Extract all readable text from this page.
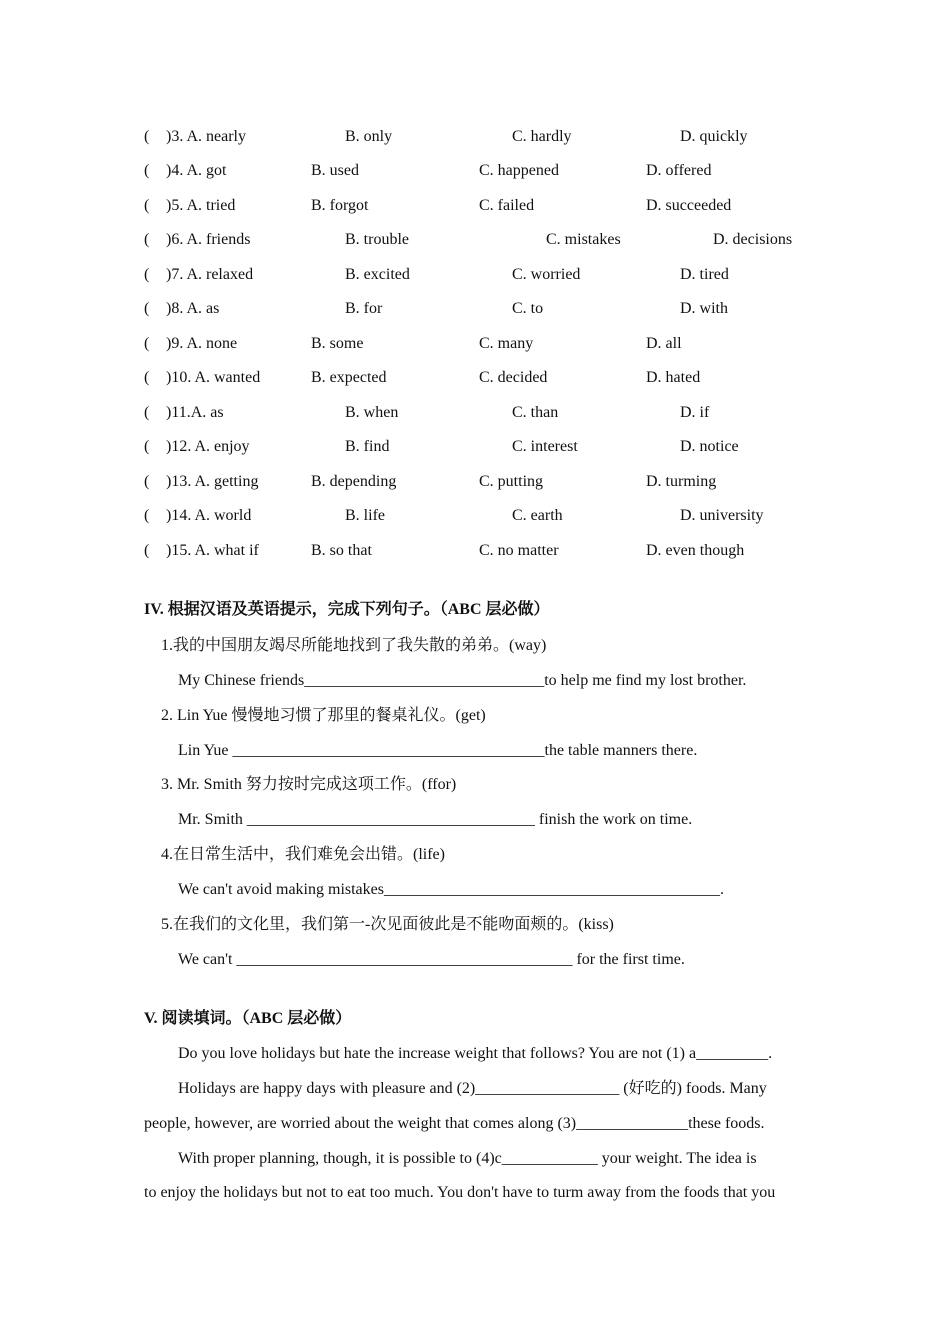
( )3. A. nearly	B. only	C. hardly	D. quickly
( )4. A. got	B. used	C. happened	D. offered
( )5. A. tried	B. forgot	C. failed	D. succeeded
( )6. A. friends	B. trouble	C. mistakes	D. decisions
( )7. A. relaxed	B. excited	C. worried	D. tired
( )8. A. as	B. for	C. to	D. with
( )9. A. none	B. some	C. many	D. all
( )10. A. wanted	B. expected	C. decided	D. hated
( )11.A. as	B. when	C. than	D. if
( )12. A. enjoy	B. find	C. interest	D. notice
( )13. A. getting	B. depending	C. putting	D. turming
( )14. A. world	B. life	C. earth	D. university
( )15. A. what if	B. so that	C. no matter	D. even though
IV. 根据汉语及英语提示，完成下列句子。（ABC 层必做）
1.我的中国朋友竭尽所能地找到了我失散的弟弟。(way)
My Chinese friends______________________________to help me find my lost brother.
2. Lin Yue 慢慢地习惯了那里的餐桌礼仪。(get)
Lin Yue _______________________________________the table manners there.
3. Mr. Smith 努力按时完成这项工作。(ffor)
Mr. Smith ____________________________________ finish the work on time.
4.在日常生活中，我们难免会出错。(life)
We can't avoid making mistakes__________________________________________.
5.在我们的文化里，我们第一-次见面彼此是不能吻面颊的。(kiss)
We can't __________________________________________ for the first time.
V. 阅读填词。（ABC 层必做）
Do you love holidays but hate the increase weight that follows? You are not (1) a_________.
Holidays are happy days with pleasure and (2)__________________ (好吃的) foods. Many
people, however, are worried about the weight that comes along (3)______________these foods.
With proper planning, though, it is possible to (4)c____________ your weight. The idea is
to enjoy the holidays but not to eat too much. You don't have to turm away from the foods that you
